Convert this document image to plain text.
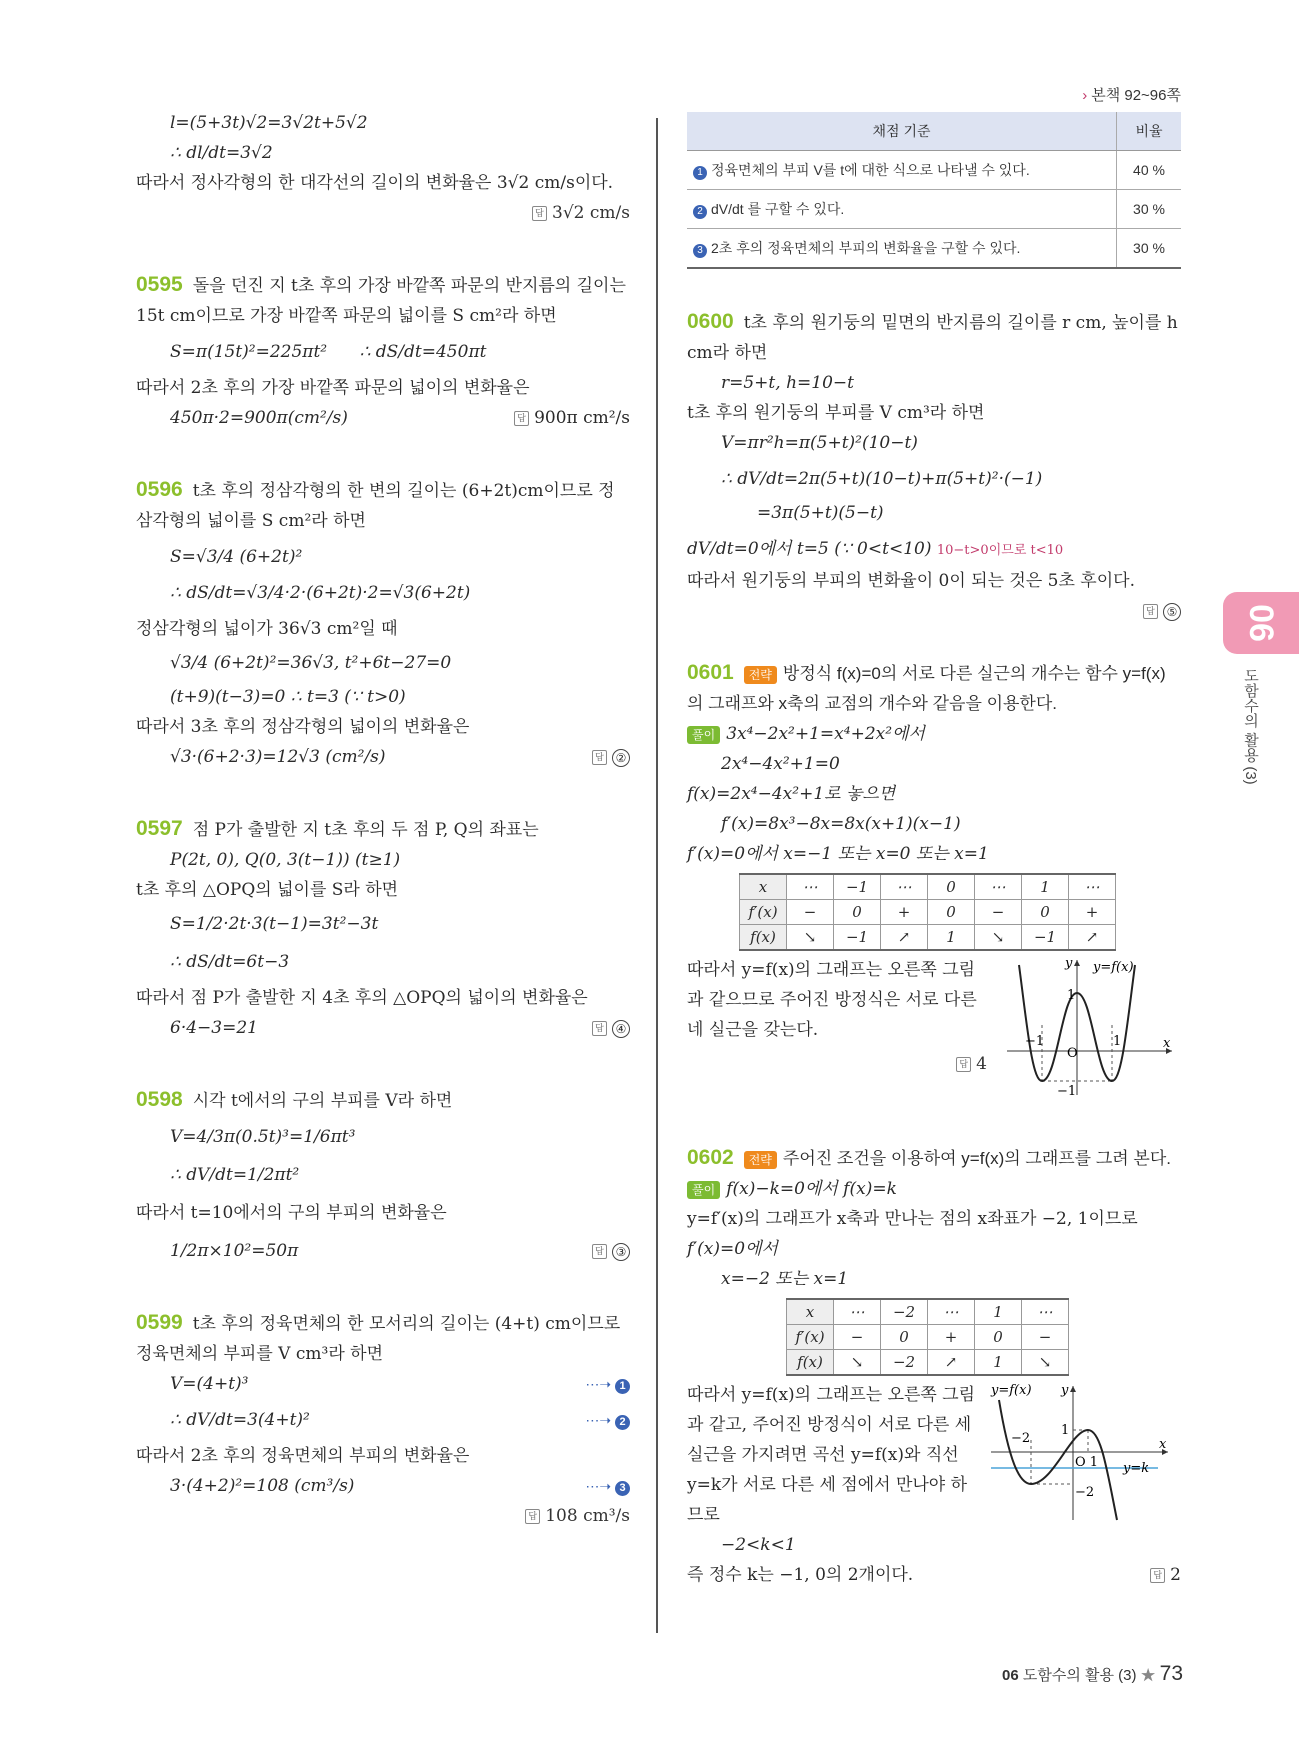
› 본책 92~96쪽
l=(5+3t)√2=3√2t+5√2
∴ dl/dt=3√2
따라서 정사각형의 한 대각선의 길이의 변화율은 3√2 cm/s이다.
답 3√2 cm/s
0595 돌을 던진 지 t초 후의 가장 바깥쪽 파문의 반지름의 길이는 15t cm이므로 가장 바깥쪽 파문의 넓이를 S cm²라 하면
S=π(15t)²=225πt² ∴ dS/dt=450πt
따라서 2초 후의 가장 바깥쪽 파문의 넓이의 변화율은
450π·2=900π(cm²/s)	답 900π cm²/s
0596 t초 후의 정삼각형의 한 변의 길이는 (6+2t)cm이므로 정삼각형의 넓이를 S cm²라 하면
S=√3/4 (6+2t)²
∴ dS/dt=√3/4·2·(6+2t)·2=√3(6+2t)
정삼각형의 넓이가 36√3 cm²일 때
√3/4 (6+2t)²=36√3, t²+6t−27=0
(t+9)(t−3)=0 ∴ t=3 (∵ t>0)
따라서 3초 후의 정삼각형의 넓이의 변화율은
√3·(6+2·3)=12√3 (cm²/s)	답 ②
0597 점 P가 출발한 지 t초 후의 두 점 P, Q의 좌표는
P(2t, 0), Q(0, 3(t−1)) (t≥1)
t초 후의 △OPQ의 넓이를 S라 하면
S=1/2·2t·3(t−1)=3t²−3t
∴ dS/dt=6t−3
따라서 점 P가 출발한 지 4초 후의 △OPQ의 넓이의 변화율은
6·4−3=21	답 ④
0598 시각 t에서의 구의 부피를 V라 하면
V=4/3π(0.5t)³=1/6πt³
∴ dV/dt=1/2πt²
따라서 t=10에서의 구의 부피의 변화율은
1/2π×10²=50π	답 ③
0599 t초 후의 정육면체의 한 모서리의 길이는 (4+t) cm이므로 정육면체의 부피를 V cm³라 하면
V=(4+t)³	⋯➝ 1
∴ dV/dt=3(4+t)²	⋯➝ 2
따라서 2초 후의 정육면체의 부피의 변화율은
3·(4+2)²=108 (cm³/s)	⋯➝ 3
답 108 cm³/s
채점 기준	비율
1 정육면체의 부피 V를 t에 대한 식으로 나타낼 수 있다.	40 %
2 dV/dt 를 구할 수 있다.	30 %
3 2초 후의 정육면체의 부피의 변화율을 구할 수 있다.	30 %
0600 t초 후의 원기둥의 밑면의 반지름의 길이를 r cm, 높이를 h cm라 하면
r=5+t, h=10−t
t초 후의 원기둥의 부피를 V cm³라 하면
V=πr²h=π(5+t)²(10−t)
∴ dV/dt=2π(5+t)(10−t)+π(5+t)²·(−1)
=3π(5+t)(5−t)
dV/dt=0에서 t=5 (∵ 0<t<10) 10−t>0이므로 t<10
따라서 원기둥의 부피의 변화율이 0이 되는 것은 5초 후이다.
답 ⑤
0601 전략 방정식 f(x)=0의 서로 다른 실근의 개수는 함수 y=f(x)의 그래프와 x축의 교점의 개수와 같음을 이용한다.
풀이 3x⁴−2x²+1=x⁴+2x²에서
2x⁴−4x²+1=0
f(x)=2x⁴−4x²+1로 놓으면
f′(x)=8x³−8x=8x(x+1)(x−1)
f′(x)=0에서 x=−1 또는 x=0 또는 x=1
x	⋯	−1	⋯	0	⋯	1	⋯
f′(x)	−	0	+	0	−	0	+
f(x)	↘	−1	↗	1	↘	−1	↗
따라서 y=f(x)의 그래프는 오른쪽 그림과 같으므로 주어진 방정식은 서로 다른 네 실근을 갖는다.
답 4
O
1
−1	1
−1
x
y y=f(x)
0602 전략 주어진 조건을 이용하여 y=f(x)의 그래프를 그려 본다.
풀이 f(x)−k=0에서 f(x)=k
y=f′(x)의 그래프가 x축과 만나는 점의 x좌표가 −2, 1이므로
f′(x)=0에서
x=−2 또는 x=1
x	⋯	−2	⋯	1	⋯
f′(x)	−	0	+	0	−
f(x)	↘	−2	↗	1	↘
따라서 y=f(x)의 그래프는 오른쪽 그림과 같고, 주어진 방정식이 서로 다른 세 실근을 가지려면 곡선 y=f(x)와 직선 y=k가 서로 다른 세 점에서 만나야 하므로
−2<k<1
−2
1
O 1
−2
y=k
x
y
y=f(x)
즉 정수 k는 −1, 0의 2개이다.	답 2
06
도함수의 활용 (3)
06 도함수의 활용 (3) ★ 73
